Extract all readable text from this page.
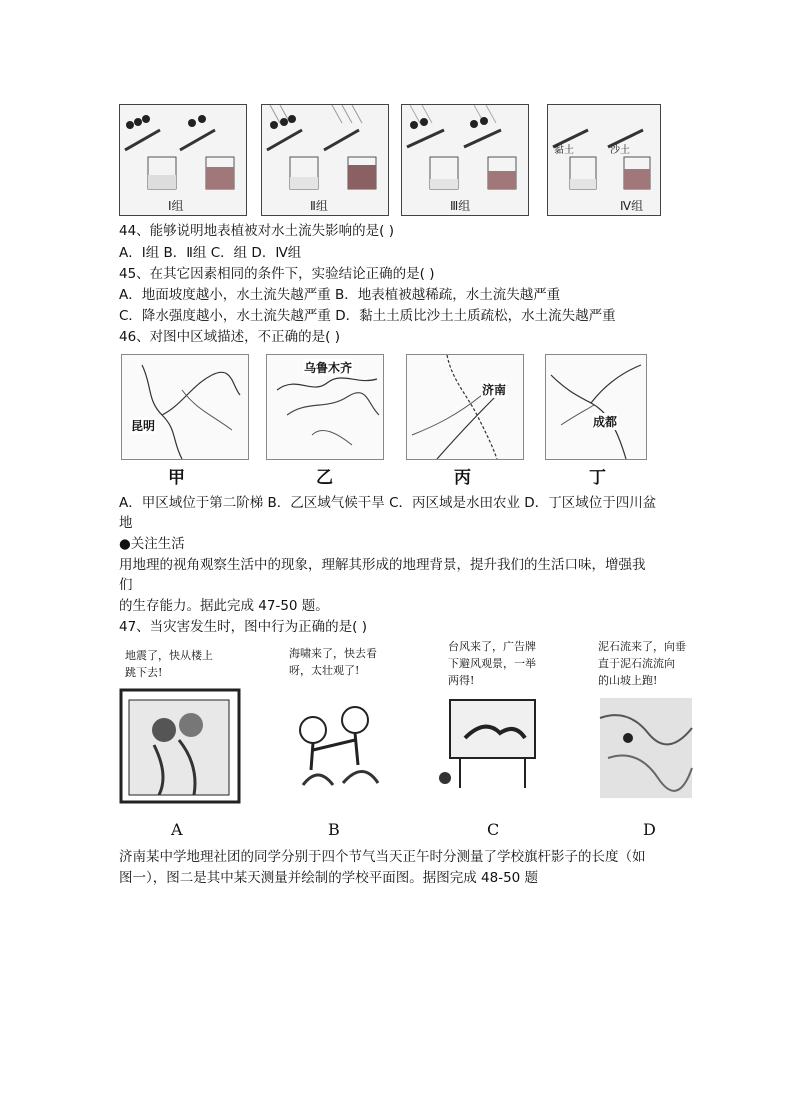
Ⅰ组	Ⅱ组	Ⅲ组
黏土	沙土
Ⅳ组
44、能够说明地表植被对水土流失影响的是( )
A．Ⅰ组 B．Ⅱ组 C．组 D．Ⅳ组
45、在其它因素相同的条件下，实验结论正确的是( )
A．地面坡度越小，水土流失越严重 B．地表植被越稀疏，水土流失越严重
C．降水强度越小，水土流失越严重 D．黏土土质比沙土土质疏松，水土流失越严重
46、对图中区域描述，不正确的是( )
昆明
甲
乌鲁木齐
乙
济南
丙
成都
丁
A．甲区域位于第二阶梯 B．乙区域气候干旱 C．丙区域是水田农业 D．丁区域位于四川盆
地
●关注生活
用地理的视角观察生活中的现象，理解其形成的地理背景，提升我们的生活口味，增强我
们
的生存能力。据此完成 47-50 题。
47、当灾害发生时，图中行为正确的是( )
地震了，快从楼上
跳下去!
A
海啸来了，快去看
呀，太壮观了!
B
台风来了，广告牌
下避风观景，一举
两得!
C
泥石流来了，向垂
直于泥石流流向
的山坡上跑!
D
济南某中学地理社团的同学分别于四个节气当天正午时分测量了学校旗杆影子的长度（如
图一），图二是其中某天测量并绘制的学校平面图。据图完成 48-50 题
